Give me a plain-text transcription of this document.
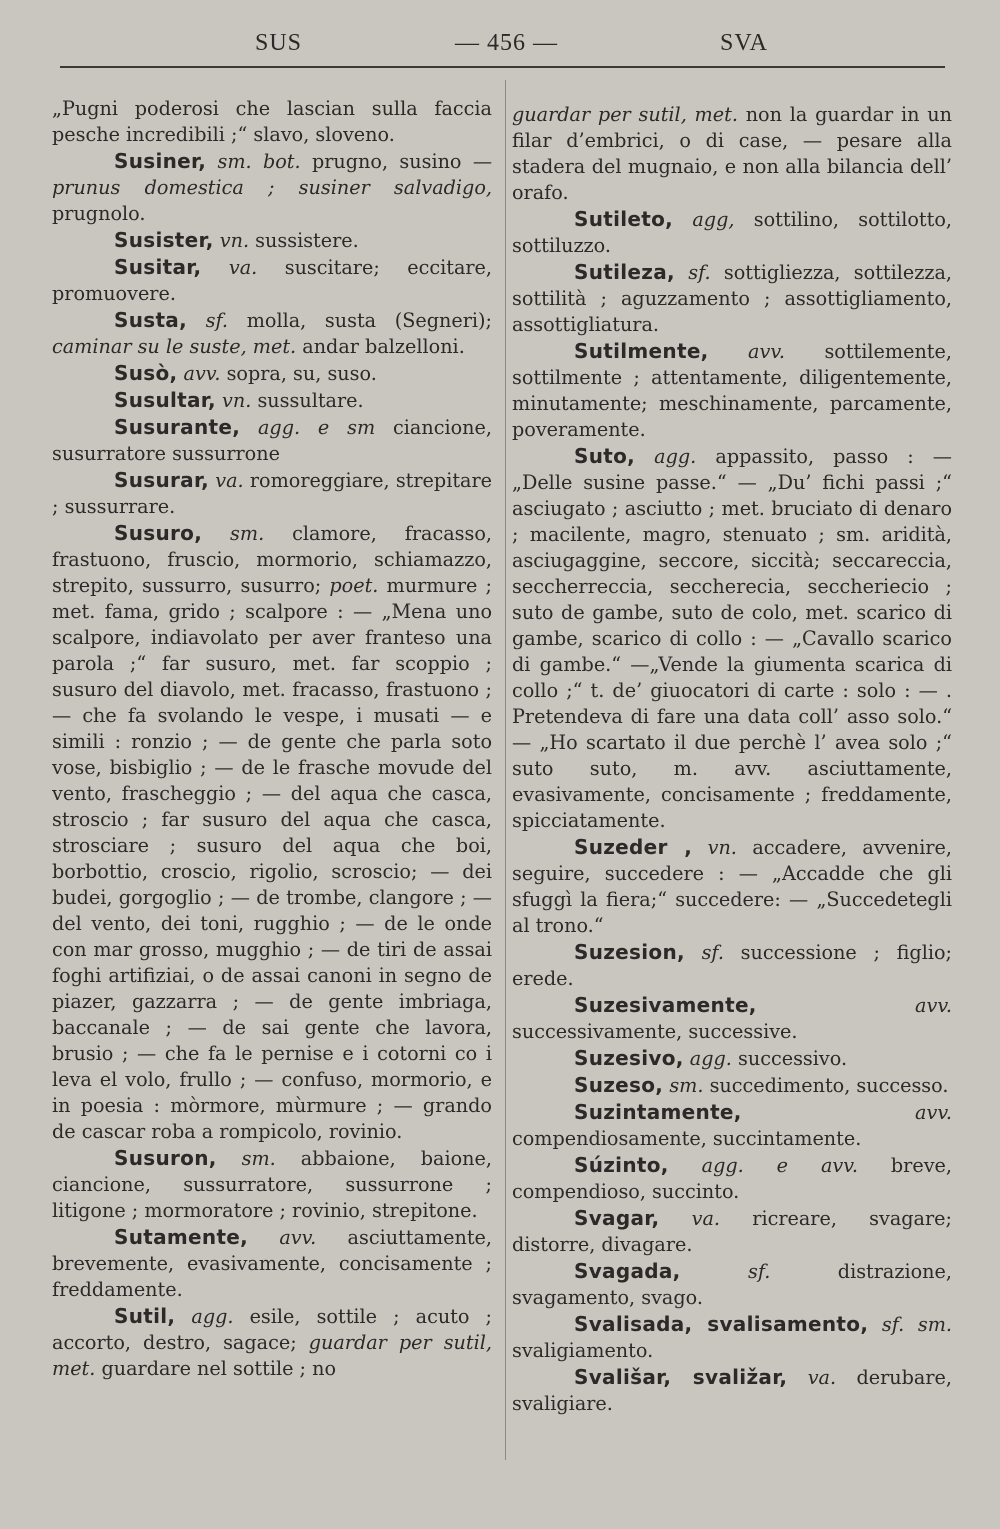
SUS	— 456 —	SVA

„Pugni poderosi che lascian sulla faccia pesche incredibili ;“ slavo, sloveno.

Susiner, sm. bot. prugno, susino — prunus domestica ; susiner salvadigo, prugnolo.

Susister, vn. sussistere.

Susitar, va. suscitare; eccitare, promuovere.

Susta, sf. molla, susta (Segneri); caminar su le suste, met. andar balzelloni.

Susò, avv. sopra, su, suso.

Susultar, vn. sussultare.

Susurante, agg. e sm ciancione, susurratore sussurrone

Susurar, va. romoreggiare, strepitare ; sussurrare.

Susuro, sm. clamore, fracasso, frastuono, fruscio, mormorio, schiamazzo, strepito, sussurro, susurro; poet. murmure ; met. fama, grido ; scalpore : — „Mena uno scalpore, indiavolato per aver franteso una parola ;“ far susuro, met. far scoppio ; susuro del diavolo, met. fracasso, frastuono ; — che fa svolando le vespe, i musati — e simili : ronzio ; — de gente che parla soto vose, bisbiglio ; — de le frasche movude del vento, frascheggio ; — del aqua che casca, stroscio ; far susuro del aqua che casca, strosciare ; susuro del aqua che boi, borbottio, croscio, rigolio, scroscio; — dei budei, gorgoglio ; — de trombe, clangore ; — del vento, dei toni, rugghio ; — de le onde con mar grosso, mugghio ; — de tiri de assai foghi artifiziai, o de assai canoni in segno de piazer, gazzarra ; — de gente imbriaga, baccanale ; — de sai gente che lavora, brusio ; — che fa le pernise e i cotorni co i leva el volo, frullo ; — confuso, mormorio, e in poesia : mòrmore, mùrmure ; — grando de cascar roba a rompicolo, rovinio.

Susuron, sm. abbaione, baione, ciancione, sussurratore, sussurrone ; litigone ; mormoratore ; rovinio, strepitone.

Sutamente, avv. asciuttamente, brevemente, evasivamente, concisamente ; freddamente.

Sutil, agg. esile, sottile ; acuto ; accorto, destro, sagace; guardar per sutil, met. guardare nel sottile ; no

guardar per sutil, met. non la guardar in un filar d’embrici, o di case, — pesare alla stadera del mugnaio, e non alla bilancia dell’ orafo.

Sutileto, agg, sottilino, sottilotto, sottiluzzo.

Sutileza, sf. sottigliezza, sottilezza, sottilità ; aguzzamento ; assottigliamento, assottigliatura.

Sutilmente, avv. sottilemente, sottilmente ; attentamente, diligentemente, minutamente; meschinamente, parcamente, poveramente.

Suto, agg. appassito, passo : — „Delle susine passe.“ — „Du’ fichi passi ;“ asciugato ; asciutto ; met. bruciato di denaro ; macilente, magro, stenuato ; sm. aridità, asciugaggine, seccore, siccità; seccareccia, seccherreccia, seccherecia, seccheriecio ; suto de gambe, suto de colo, met. scarico di gambe, scarico di collo : — „Cavallo scarico di gambe.“ —„Vende la giumenta scarica di collo ;“ t. de’ giuocatori di carte : solo : — . Pretendeva di fare una data coll’ asso solo.“ — „Ho scartato il due perchè l’ avea solo ;“ suto suto, m. avv. asciuttamente, evasivamente, concisamente ; freddamente, spicciatamente.

Suzeder , vn. accadere, avvenire, seguire, succedere : — „Accadde che gli sfuggì la fiera;“ succedere: — „Succedetegli al trono.“

Suzesion, sf. successione ; figlio; erede.

Suzesivamente,	avv. successivamente, successive.

Suzesivo, agg. successivo.

Suzeso, sm. succedimento, successo.

Suzintamente,	avv. compendiosamente, succintamente.

Súzinto, agg. e avv. breve, compendioso, succinto.

Svagar, va. ricreare, svagare; distorre, divagare.

Svagada,	sf.	distrazione, svagamento, svago.

Svalisada, svalisamento, sf. sm. svaligiamento.

Svališar, svaližar, va. derubare, svaligiare.
